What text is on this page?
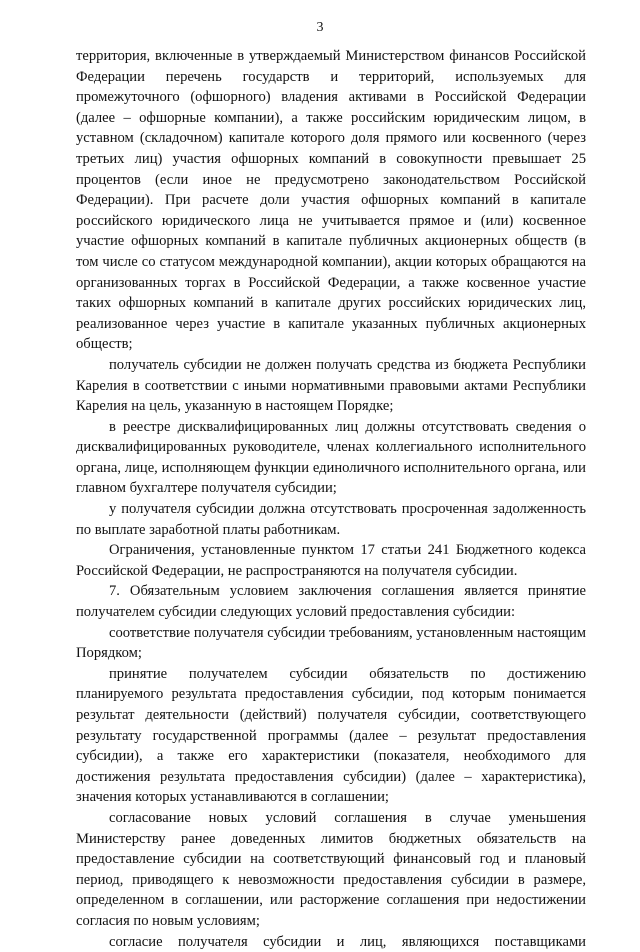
3

территория, включенные в утверждаемый Министерством финансов Российской Федерации перечень государств и территорий, используемых для промежуточного (офшорного) владения активами в Российской Федерации (далее – офшорные компании), а также российским юридическим лицом, в уставном (складочном) капитале которого доля прямого или косвенного (через третьих лиц) участия офшорных компаний в совокупности превышает 25 процентов (если иное не предусмотрено законодательством Российской Федерации). При расчете доли участия офшорных компаний в капитале российского юридического лица не учитывается прямое и (или) косвенное участие офшорных компаний в капитале публичных акционерных обществ (в том числе со статусом международной компании), акции которых обращаются на организованных торгах в Российской Федерации, а также косвенное участие таких офшорных компаний в капитале других российских юридических лиц, реализованное через участие в капитале указанных публичных акционерных обществ;

получатель субсидии не должен получать средства из бюджета Республики Карелия в соответствии с иными нормативными правовыми актами Республики Карелия на цель, указанную в настоящем Порядке;

в реестре дисквалифицированных лиц должны отсутствовать сведения о дисквалифицированных руководителе, членах коллегиального исполнительного органа, лице, исполняющем функции единоличного исполнительного органа, или главном бухгалтере получателя субсидии;

у получателя субсидии должна отсутствовать просроченная задолженность по выплате заработной платы работникам.

Ограничения, установленные пунктом 17 статьи 241 Бюджетного кодекса Российской Федерации, не распространяются на получателя субсидии.

7. Обязательным условием заключения соглашения является принятие получателем субсидии следующих условий предоставления субсидии:

соответствие получателя субсидии требованиям, установленным настоящим Порядком;

принятие получателем субсидии обязательств по достижению планируемого результата предоставления субсидии, под которым понимается результат деятельности (действий) получателя субсидии, соответствующего результату государственной программы (далее – результат предоставления субсидии), а также его характеристики (показателя, необходимого для достижения результата предоставления субсидии) (далее – характеристика), значения которых устанавливаются в соглашении;

согласование новых условий соглашения в случае уменьшения Министерству ранее доведенных лимитов бюджетных обязательств на предоставление субсидии на соответствующий финансовый год и плановый период, приводящего к невозможности предоставления субсидии в размере, определенном в соглашении, или расторжение соглашения при недостижении согласия по новым условиям;

согласие получателя субсидии и лиц, являющихся поставщиками
